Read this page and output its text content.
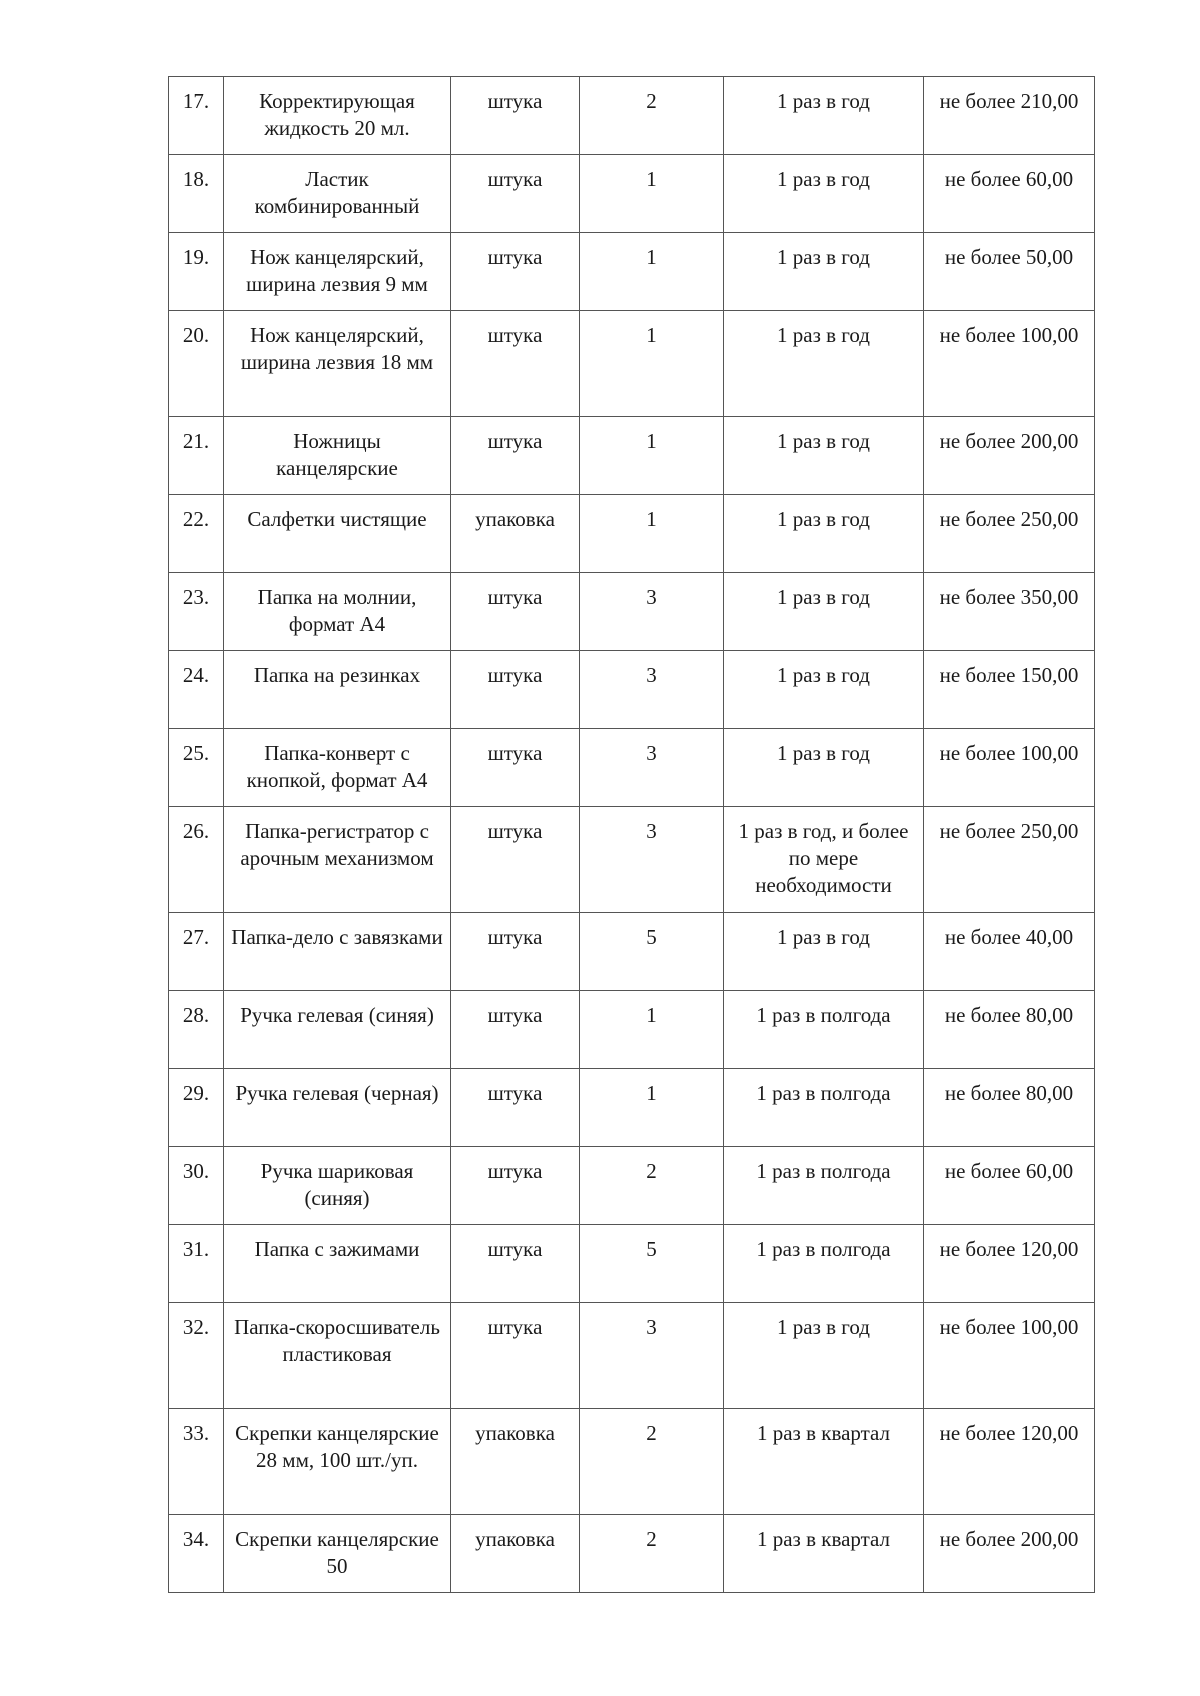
17.	Корректирующая жидкость 20 мл.	штука	2	1 раз в год	не более 210,00
18.	Ластик комбинированный	штука	1	1 раз в год	не более 60,00
19.	Нож канцелярский, ширина лезвия 9 мм	штука	1	1 раз в год	не более 50,00
20.	Нож канцелярский, ширина лезвия 18 мм	штука	1	1 раз в год	не более 100,00
21.	Ножницы канцелярские	штука	1	1 раз в год	не более 200,00
22.	Салфетки чистящие	упаковка	1	1 раз в год	не более 250,00
23.	Папка на молнии, формат А4	штука	3	1 раз в год	не более 350,00
24.	Папка на резинках	штука	3	1 раз в год	не более 150,00
25.	Папка-конверт с кнопкой, формат А4	штука	3	1 раз в год	не более 100,00
26.	Папка-регистратор с арочным механизмом	штука	3	1 раз в год, и более по мере необходимости	не более 250,00
27.	Папка-дело с завязками	штука	5	1 раз в год	не более 40,00
28.	Ручка гелевая (синяя)	штука	1	1 раз в полгода	не более 80,00
29.	Ручка гелевая (черная)	штука	1	1 раз в полгода	не более 80,00
30.	Ручка шариковая (синяя)	штука	2	1 раз в полгода	не более 60,00
31.	Папка с зажимами	штука	5	1 раз в полгода	не более 120,00
32.	Папка-скоросшиватель пластиковая	штука	3	1 раз в год	не более 100,00
33.	Скрепки канцелярские 28 мм, 100 шт./уп.	упаковка	2	1 раз в квартал	не более 120,00
34.	Скрепки канцелярские 50	упаковка	2	1 раз в квартал	не более 200,00
